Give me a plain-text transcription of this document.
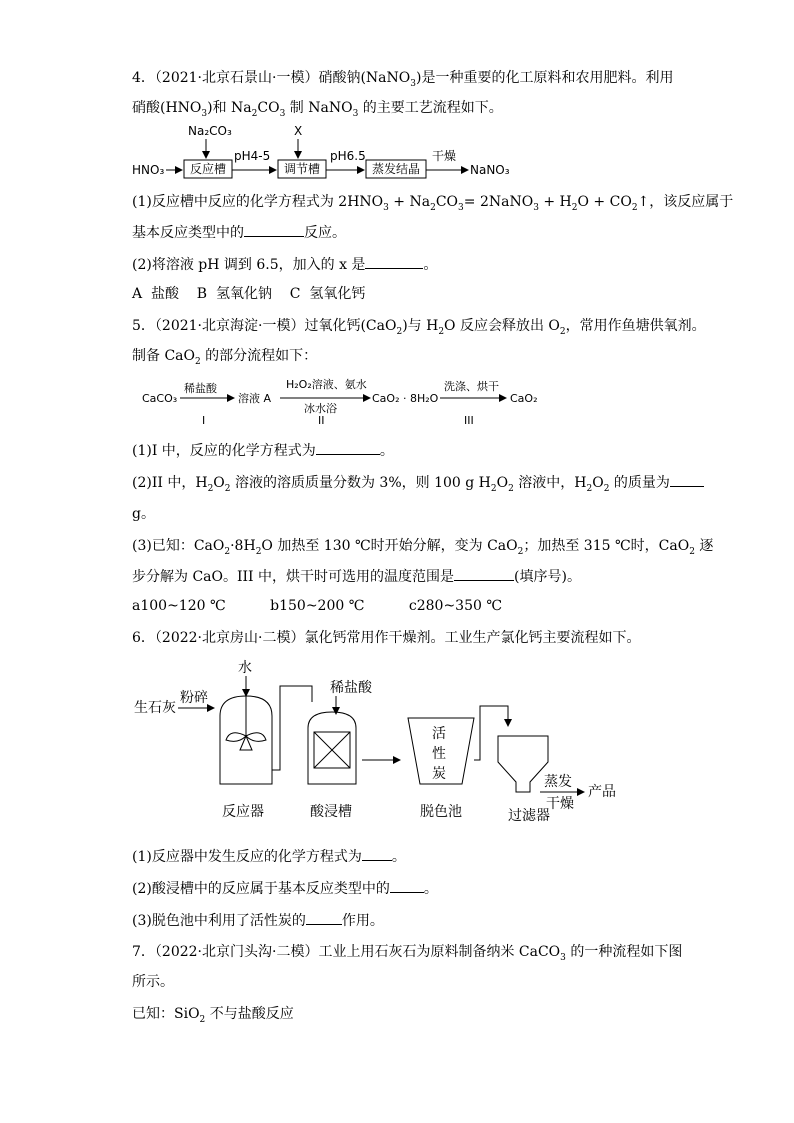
4．（2021·北京石景山·一模）硝酸钠(NaNO$_3$)是一种重要的化工原料和农用肥料。利用
硝酸$(HNO_3)$和 $Na_2CO_3$ 制 NaNO$_3$ 的主要工艺流程如下。
HNO₃
Na₂CO₃
反应槽
pH4-5
X
调节槽
pH6.5
蒸发结晶
干燥
NaNO₃
(1)反应槽中反应的化学方程式为 $2HNO_3 + Na_2CO_3=$ 2NaNO$_3$ + $H_2O$ + $CO_2↑$，该反应属于
基本反应类型中的	反应。
(2)将溶液 pH 调到 6.5，加入的 x 是	。
A  盐酸    B  氢氧化钠    C  氢氧化钙
5．（2021·北京海淀·一模）过氧化钙(CaO$_2$)与 $H_2O$ 反应会释放出 $O_2$，常用作鱼塘供氧剂。
制备 CaO$_2$ 的部分流程如下：
CaCO₃
稀盐酸
I
溶液 A
H₂O₂溶液、氨水
冰水浴
II
CaO₂ · 8H₂O
洗涤、烘干
III
CaO₂
(1)I 中，反应的化学方程式为	。
(2)II 中，$H_2O_2$ 溶液的溶质质量分数为 3%，则 100 g $H_2O_2$ 溶液中，$H_2O_2$ 的质量为
g。
(3)已知：$CaO_2\cdot 8H_2O$ 加热至 130 ℃时开始分解，变为 CaO$_2$；加热至 315 ℃时，CaO$_2$ 逐
步分解为 CaO。III 中，烘干时可选用的温度范围是	(填序号)。
a100~120 ℃          b150~200 ℃          c280~350 ℃
6．（2022·北京房山·二模）氯化钙常用作干燥剂。工业生产氯化钙主要流程如下。
生石灰
粉碎
水
反应器
稀盐酸
酸浸槽
活
性
炭
脱色池	过滤器
蒸发
干燥
产品
(1)反应器中发生反应的化学方程式为 。
(2)酸浸槽中的反应属于基本反应类型中的 。
(3)脱色池中利用了活性炭的	作用。
7．（2022·北京门头沟·二模）工业上用石灰石为原料制备纳米 CaCO$_3$ 的一种流程如下图
所示。
已知：SiO$_2$ 不与盐酸反应
